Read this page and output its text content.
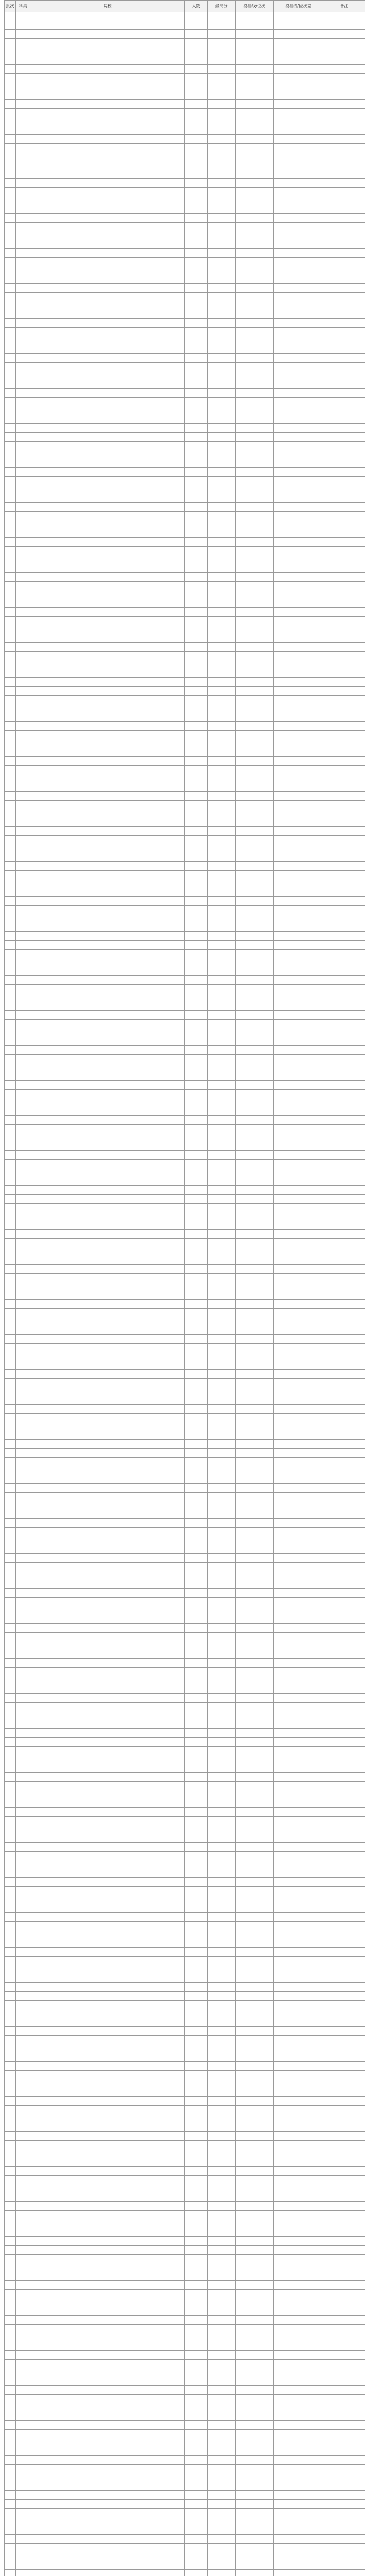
批次	科类	院校	人数	最高分	投档线/位次	投档线/位次差	备注
